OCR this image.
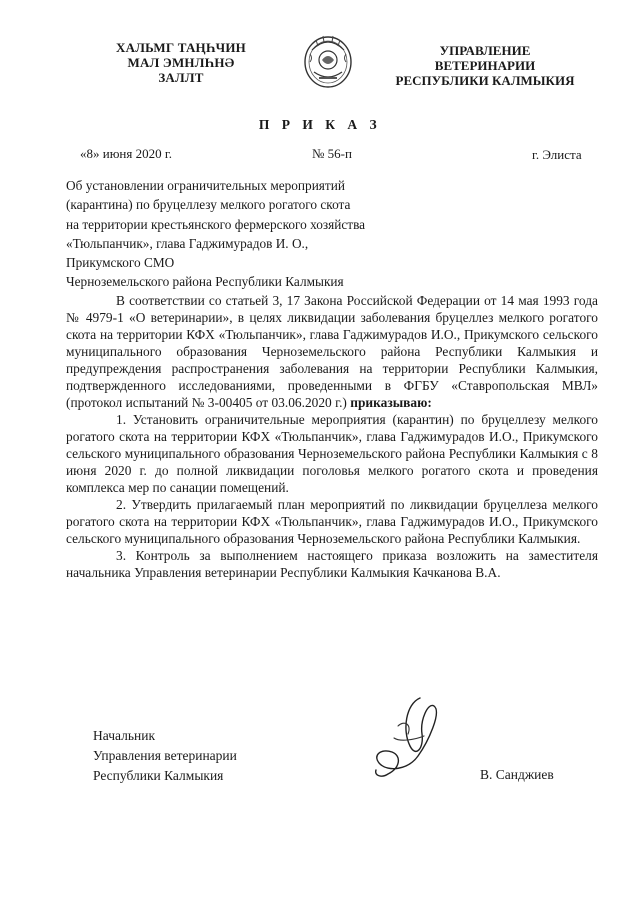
ХАЛЬМГ ТАҢҺЧИН
МАЛ ЭМНЛҺНӘ
ЗАЛЛТ
УПРАВЛЕНИЕ
ВЕТЕРИНАРИИ
РЕСПУБЛИКИ КАЛМЫКИЯ
П Р И К А З
«8» июня 2020 г.	№ 56-п	г. Элиста
Об установлении ограничительных мероприятий
(карантина) по бруцеллезу мелкого рогатого скота
на территории крестьянского фермерского хозяйства
«Тюльпанчик», глава Гаджимурадов И. О.,
Прикумского СМО
Черноземельского района Республики Калмыкия

В соответствии со статьей 3, 17 Закона Российской Федерации от 14 мая 1993 года № 4979-1 «О ветеринарии», в целях ликвидации заболевания бруцеллез мелкого рогатого скота на территории КФХ «Тюльпанчик», глава Гаджимурадов И.О., Прикумского сельского муниципального образования Черноземельского района Республики Калмыкия и предупреждения распространения заболевания на территории Республики Калмыкия, подтвержденного исследованиями, проведенными в ФГБУ «Ставропольская МВЛ» (протокол испытаний № 3-00405 от 03.06.2020 г.) приказываю:

1. Установить ограничительные мероприятия (карантин) по бруцеллезу мелкого рогатого скота на территории КФХ «Тюльпанчик», глава Гаджимурадов И.О., Прикумского сельского муниципального образования Черноземельского района Республики Калмыкия с 8 июня 2020 г. до полной ликвидации поголовья мелкого рогатого скота и проведения комплекса мер по санации помещений.

2. Утвердить прилагаемый план мероприятий по ликвидации бруцеллеза мелкого рогатого скота на территории КФХ «Тюльпанчик», глава Гаджимурадов И.О., Прикумского сельского муниципального образования Черноземельского района Республики Калмыкия.

3. Контроль за выполнением настоящего приказа возложить на заместителя начальника Управления ветеринарии Республики Калмыкия Качканова В.А.

Начальник
Управления ветеринарии
Республики Калмыкия	В. Санджиев
